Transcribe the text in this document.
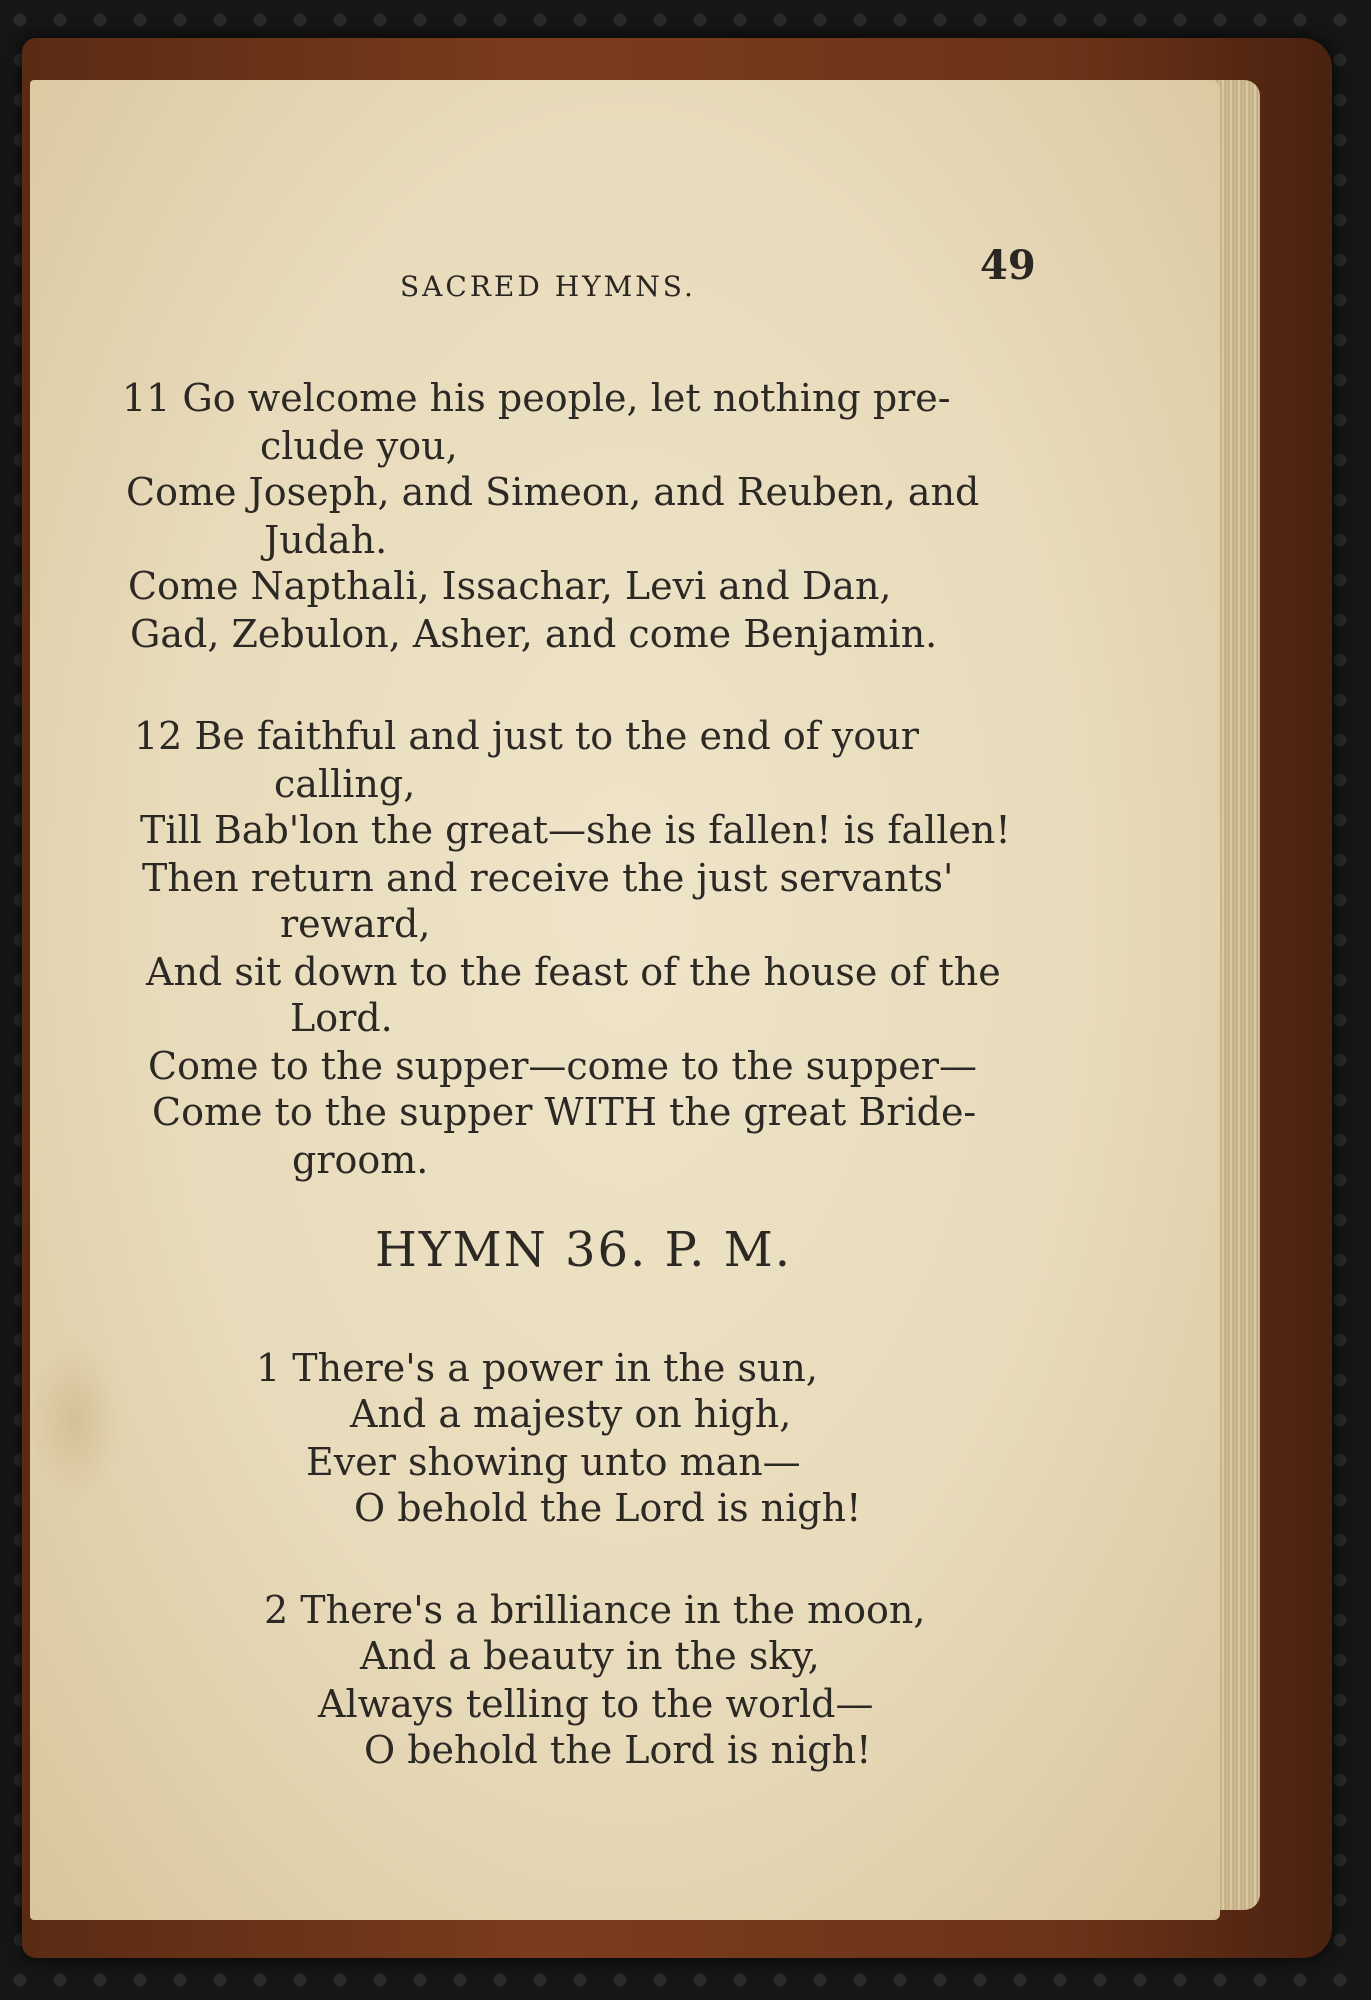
SACRED HYMNS.	49
11 Go welcome his people, let nothing pre-
clude you,
Come Joseph, and Simeon, and Reuben, and
Judah.
Come Napthali, Issachar, Levi and Dan,
Gad, Zebulon, Asher, and come Benjamin.
12 Be faithful and just to the end of your
calling,
Till Bab'lon the great—she is fallen! is fallen!
Then return and receive the just servants'
reward,
And sit down to the feast of the house of the
Lord.
Come to the supper—come to the supper—
Come to the supper WITH the great Bride-
groom.
HYMN 36. P. M.
1 There's a power in the sun,
And a majesty on high,
Ever showing unto man—
O behold the Lord is nigh!
2 There's a brilliance in the moon,
And a beauty in the sky,
Always telling to the world—
O behold the Lord is nigh!
